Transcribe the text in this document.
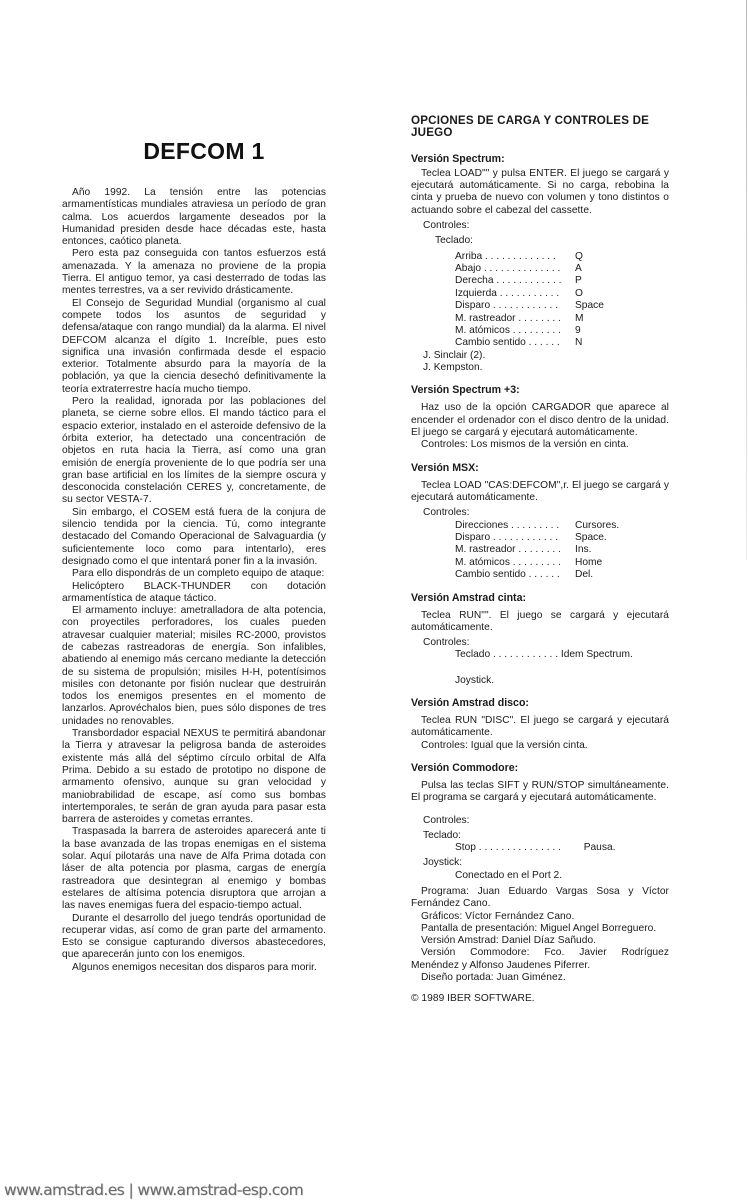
DEFCOM 1

Año 1992. La tensión entre las potencias armamentísticas mundiales atraviesa un período de gran calma. Los acuerdos largamente deseados por la Humanidad presiden desde hace décadas este, hasta entonces, caótico planeta.

Pero esta paz conseguida con tantos esfuerzos está amenazada. Y la amenaza no proviene de la propia Tierra. El antiguo temor, ya casi desterrado de todas las mentes terrestres, va a ser revivido drásticamente.

El Consejo de Seguridad Mundial (organismo al cual compete todos los asuntos de seguridad y defensa/ataque con rango mundial) da la alarma. El nivel DEFCOM alcanza el dígito 1. Increíble, pues esto significa una invasión confirmada desde el espacio exterior. Totalmente absurdo para la mayoría de la población, ya que la ciencia desechó definitivamente la teoría extraterrestre hacía mucho tiempo.

Pero la realidad, ignorada por las poblaciones del planeta, se cierne sobre ellos. El mando táctico para el espacio exterior, instalado en el asteroide defensivo de la órbita exterior, ha detectado una concentración de objetos en ruta hacia la Tierra, así como una gran emisión de energía proveniente de lo que podría ser una gran base artificial en los límites de la siempre oscura y desconocida constelación CERES y, concretamente, de su sector VESTA-7.

Sin embargo, el COSEM está fuera de la conjura de silencio tendida por la ciencia. Tú, como integrante destacado del Comando Operacional de Salvaguardia (y suficientemente loco como para intentarlo), eres designado como el que intentará poner fin a la invasión.

Para ello dispondrás de un completo equipo de ataque:

Helicóptero BLACK-THUNDER con dotación armamentística de ataque táctico.

El armamento incluye: ametralladora de alta potencia, con proyectiles perforadores, los cuales pueden atravesar cualquier material; misiles RC-2000, provistos de cabezas rastreadoras de energía. Son infalibles, abatiendo al enemigo más cercano mediante la detección de su sistema de propulsión; misiles H-H, potentísimos misiles con detonante por fisión nuclear que destruirán todos los enemigos presentes en el momento de lanzarlos. Aprovéchalos bien, pues sólo dispones de tres unidades no renovables.

Transbordador espacial NEXUS te permitirá abandonar la Tierra y atravesar la peligrosa banda de asteroides existente más allá del séptimo círculo orbital de Alfa Prima. Debido a su estado de prototipo no dispone de armamento ofensivo, aunque su gran velocidad y maniobrabilidad de escape, así como sus bombas intertemporales, te serán de gran ayuda para pasar esta barrera de asteroides y cometas errantes.

Traspasada la barrera de asteroides aparecerá ante ti la base avanzada de las tropas enemigas en el sistema solar. Aquí pilotarás una nave de Alfa Prima dotada con láser de alta potencia por plasma, cargas de energía rastreadora que desintegran al enemigo y bombas estelares de altísima potencia disruptora que arrojan a las naves enemigas fuera del espacio-tiempo actual.

Durante el desarrollo del juego tendrás oportunidad de recuperar vidas, así como de gran parte del armamento. Esto se consigue capturando diversos abastecedores, que aparecerán junto con los enemigos.

Algunos enemigos necesitan dos disparos para morir.

OPCIONES DE CARGA Y CONTROLES DE JUEGO
Versión Spectrum:

Teclea LOAD"" y pulsa ENTER. El juego se cargará y ejecutará automáticamente. Si no carga, rebobina la cinta y prueba de nuevo con volumen y tono distintos o actuando sobre el cabezal del cassette.

Controles:
Teclado:
Arriba . . . . . . . . . . . . .	Q
Abajo . . . . . . . . . . . . . .	A
Derecha . . . . . . . . . . . .	P
Izquierda . . . . . . . . . . .	O
Disparo . . . . . . . . . . . .	Space
M. rastreador . . . . . . . .	M
M. atómicos . . . . . . . . .	9
Cambio sentido . . . . . .	N
J. Sinclair (2).
J. Kempston.
Versión Spectrum +3:

Haz uso de la opción CARGADOR que aparece al encender el ordenador con el disco dentro de la unidad. El juego se cargará y ejecutará automáticamente.

Controles: Los mismos de la versión en cinta.

Versión MSX:

Teclea LOAD "CAS:DEFCOM",r. El juego se cargará y ejecutará automáticamente.

Controles:
Direcciones . . . . . . . . .	Cursores.
Disparo . . . . . . . . . . . .	Space.
M. rastreador . . . . . . . .	Ins.
M. atómicos . . . . . . . . .	Home
Cambio sentido . . . . . .	Del.
Versión Amstrad cinta:

Teclea RUN"". El juego se cargará y ejecutará automáticamente.

Controles:
Teclado . . . . . . . . . . . . Idem Spectrum.
Joystick.
Versión Amstrad disco:

Teclea RUN "DISC". El juego se cargará y ejecutará automáticamente.

Controles: Igual que la versión cinta.

Versión Commodore:

Pulsa las teclas SIFT y RUN/STOP simultáneamente. El programa se cargará y ejecutará automáticamente.

Controles:
Teclado:
Stop . . . . . . . . . . . . . . . Pausa.
Joystick:
Conectado en el Port 2.

Programa: Juan Eduardo Vargas Sosa y Víctor Fernández Cano.

Gráficos: Víctor Fernández Cano.

Pantalla de presentación: Miguel Angel Borreguero.

Versión Amstrad: Daniel Díaz Sañudo.

Versión Commodore: Fco. Javier Rodríguez Menéndez y Alfonso Jaudenes Piferrer.

Diseño portada: Juan Giménez.

© 1989 IBER SOFTWARE.

www.amstrad.es | www.amstrad-esp.com
